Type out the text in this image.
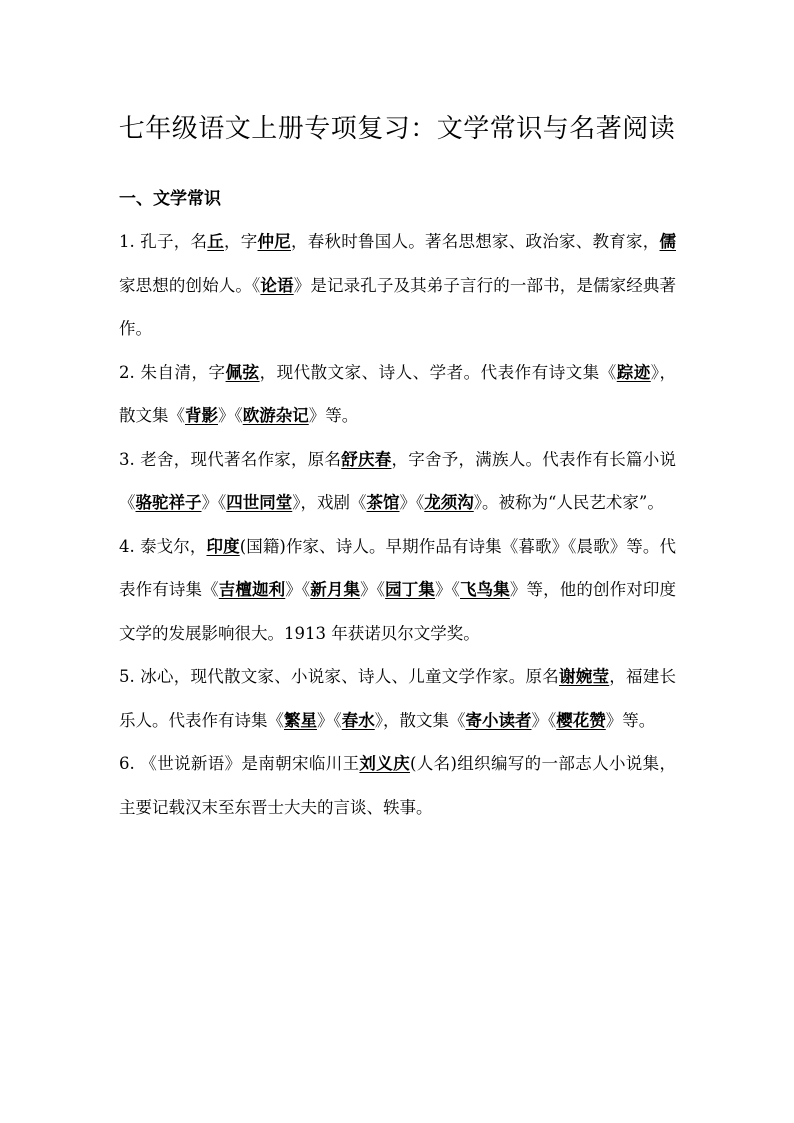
七年级语文上册专项复习：文学常识与名著阅读
一、文学常识

1. 孔子，名丘，字仲尼，春秋时鲁国人。著名思想家、政治家、教育家，儒家思想的创始人。《论语》是记录孔子及其弟子言行的一部书，是儒家经典著作。

2. 朱自清，字佩弦，现代散文家、诗人、学者。代表作有诗文集《踪迹》，散文集《背影》《欧游杂记》等。

3. 老舍，现代著名作家，原名舒庆春，字舍予，满族人。代表作有长篇小说《骆驼祥子》《四世同堂》，戏剧《茶馆》《龙须沟》。被称为“人民艺术家”。

4. 泰戈尔，印度(国籍)作家、诗人。早期作品有诗集《暮歌》《晨歌》等。代表作有诗集《吉檀迦利》《新月集》《园丁集》《飞鸟集》等，他的创作对印度文学的发展影响很大。1913 年获诺贝尔文学奖。

5. 冰心，现代散文家、小说家、诗人、儿童文学作家。原名谢婉莹，福建长乐人。代表作有诗集《繁星》《春水》，散文集《寄小读者》《樱花赞》等。

6. 《世说新语》是南朝宋临川王刘义庆(人名)组织编写的一部志人小说集，主要记载汉末至东晋士大夫的言谈、轶事。
